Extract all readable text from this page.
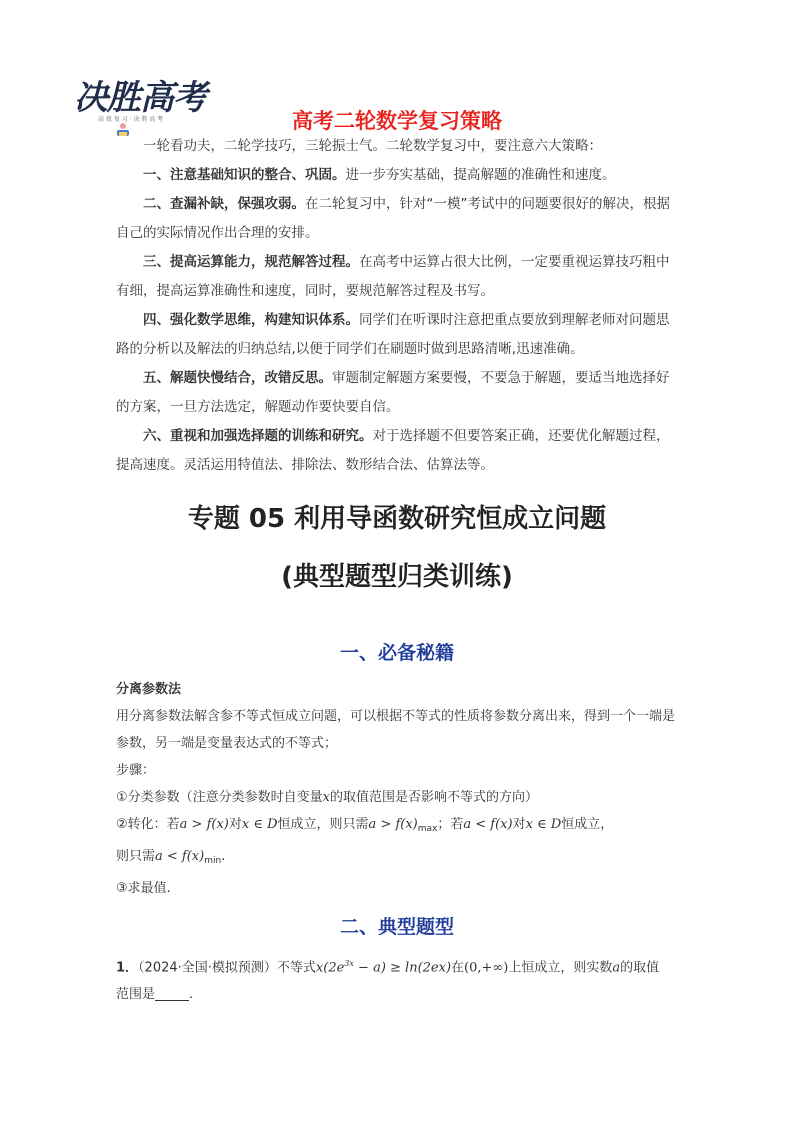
决胜高考
高 效 复 习 · 决 胜 高 考	高考二轮数学复习策略

一轮看功夫，二轮学技巧，三轮振士气。二轮数学复习中，要注意六大策略：

一、注意基础知识的整合、巩固。进一步夯实基础，提高解题的准确性和速度。

二、查漏补缺，保强攻弱。在二轮复习中，针对“一模”考试中的问题要很好的解决，根据自己的实际情况作出合理的安排。

三、提高运算能力，规范解答过程。在高考中运算占很大比例，一定要重视运算技巧粗中有细，提高运算准确性和速度，同时，要规范解答过程及书写。

四、强化数学思维，构建知识体系。同学们在听课时注意把重点要放到理解老师对问题思路的分析以及解法的归纳总结,以便于同学们在刷题时做到思路清晰,迅速准确。

五、解题快慢结合，改错反思。审题制定解题方案要慢，不要急于解题，要适当地选择好的方案，一旦方法选定，解题动作要快要自信。

六、重视和加强选择题的训练和研究。对于选择题不但要答案正确，还要优化解题过程，提高速度。灵活运用特值法、排除法、数形结合法、估算法等。

专题 05 利用导函数研究恒成立问题
(典型题型归类训练)
一、必备秘籍

分离参数法

用分离参数法解含参不等式恒成立问题，可以根据不等式的性质将参数分离出来，得到一个一端是参数，另一端是变量表达式的不等式；

步骤：

①分类参数（注意分类参数时自变量x的取值范围是否影响不等式的方向）

②转化：若a > f(x)对x ∈ D恒成立，则只需$a > f(x)_{max}$；若a < f(x)对x ∈ D恒成立，

则只需$a < f(x)_{min}$.

③求最值.

二、典型题型

1．（2024·全国·模拟预测）不等式$x(2e^{3x} - a) \ge \ln(2ex)$在(0,+∞)上恒成立，则实数a的取值

范围是	.
